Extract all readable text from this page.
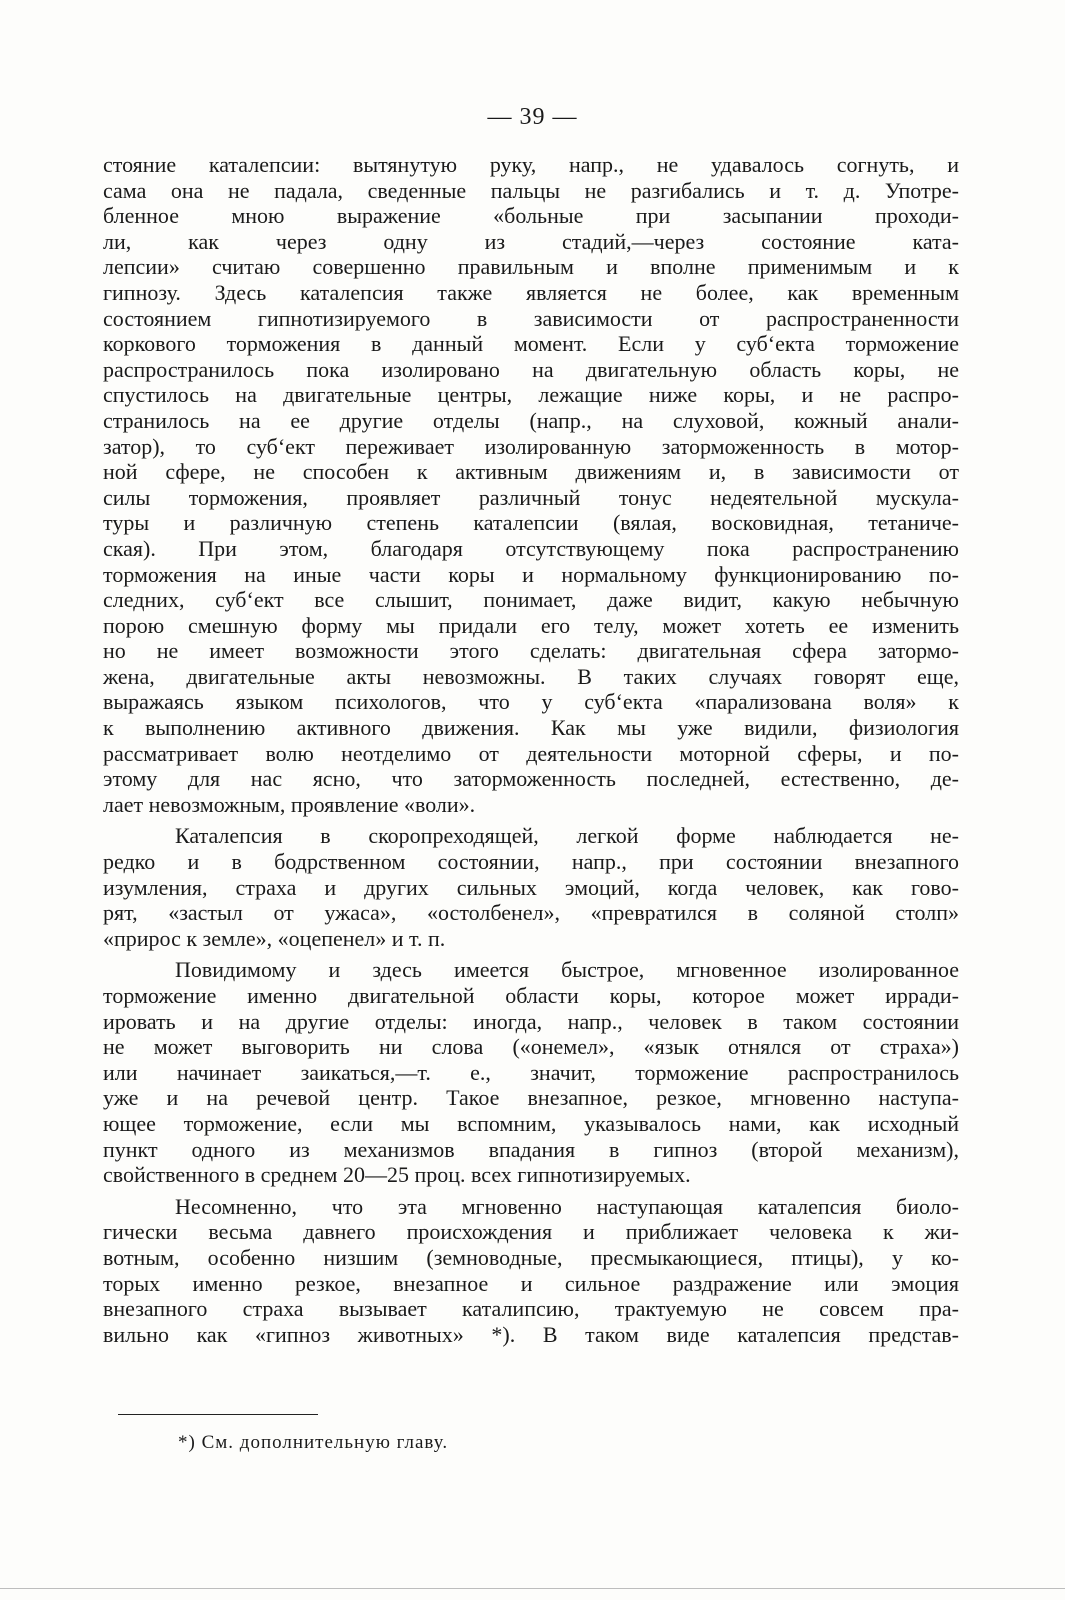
— 39 —
стояние каталепсии: вытянутую руку, напр., не удавалось согнуть, и
сама она не падала, сведенные пальцы не разгибались и т. д. Употре-
бленное мною выражение «больные при засыпании проходи-
ли, как через одну из стадий,—через состояние ката-
лепсии» считаю совершенно правильным и вполне применимым и к
гипнозу. Здесь каталепсия также является не более, как временным
состоянием гипнотизируемого в зависимости от распространенности
коркового торможения в данный момент. Если у суб‘екта торможение
распространилось пока изолировано на двигательную область коры, не
спустилось на двигательные центры, лежащие ниже коры, и не распро-
странилось на ее другие отделы (напр., на слуховой, кожный анали-
затор), то суб‘ект переживает изолированную заторможенность в мотор-
ной сфере, не способен к активным движениям и, в зависимости от
силы торможения, проявляет различный тонус недеятельной мускула-
туры и различную степень каталепсии (вялая, восковидная, тетаниче-
ская). При этом, благодаря отсутствующему пока распространению
торможения на иные части коры и нормальному функционированию по-
следних, суб‘ект все слышит, понимает, даже видит, какую небычную
порою смешную форму мы придали его телу, может хотеть ее изменить
но не имеет возможности этого сделать: двигательная сфера затормо-
жена, двигательные акты невозможны. В таких случаях говорят еще,
выражаясь языком психологов, что у суб‘екта «парализована воля» к
к выполнению активного движения. Как мы уже видили, физиология
рассматривает волю неотделимо от деятельности моторной сферы, и по-
этому для нас ясно, что заторможенность последней, естественно, де-
лает невозможным, проявление «воли».
Каталепсия в скоропреходящей, легкой форме наблюдается не-
редко и в бодрственном состоянии, напр., при состоянии внезапного
изумления, страха и других сильных эмоций, когда человек, как гово-
рят, «застыл от ужаса», «остолбенел», «превратился в соляной столп»
«прирос к земле», «оцепенел» и т. п.
Повидимому и здесь имеется быстрое, мгновенное изолированное
торможение именно двигательной области коры, которое может ирради-
ировать и на другие отделы: иногда, напр., человек в таком состоянии
не может выговорить ни слова («онемел», «язык отнялся от страха»)
или начинает заикаться,—т. е., значит, торможение распространилось
уже и на речевой центр. Такое внезапное, резкое, мгновенно наступа-
ющее торможение, если мы вспомним, указывалось нами, как исходный
пункт одного из механизмов впадания в гипноз (второй механизм),
свойственного в среднем 20—25 проц. всех гипнотизируемых.
Несомненно, что эта мгновенно наступающая каталепсия биоло-
гически весьма давнего происхождения и приближает человека к жи-
вотным, особенно низшим (земноводные, пресмыкающиеся, птицы), у ко-
торых именно резкое, внезапное и сильное раздражение или эмоция
внезапного страха вызывает каталипсию, трактуемую не совсем пра-
вильно как «гипноз животных» *). В таком виде каталепсия представ-
*) См. дополнительную главу.
